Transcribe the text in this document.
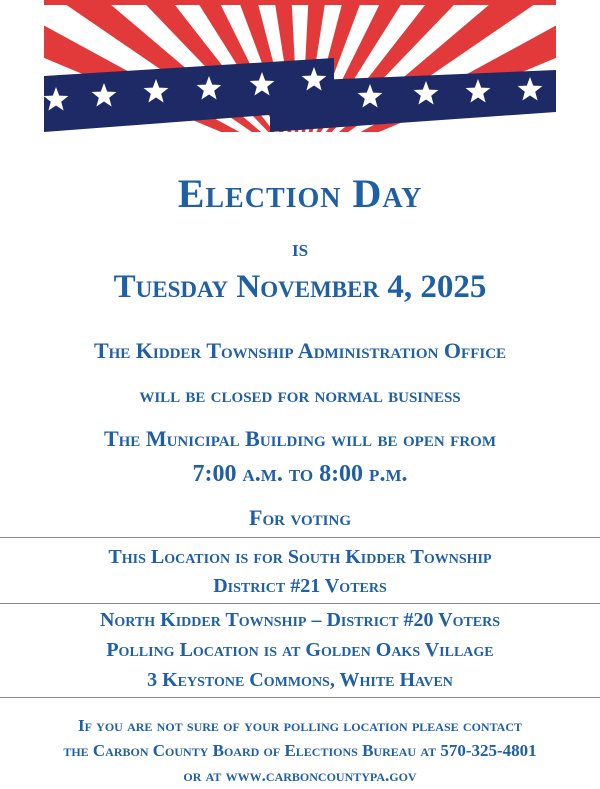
Election Day
is
Tuesday November 4, 2025
The Kidder Township Administration Office
will be closed for normal business
The Municipal Building will be open from
7:00 a.m. to 8:00 p.m.
For voting
This Location is for South Kidder Township
District #21 Voters
North Kidder Township – District #20 Voters
Polling Location is at Golden Oaks Village
3 Keystone Commons, White Haven
If you are not sure of your polling location please contact
the Carbon County Board of Elections Bureau at 570-325-4801
or at www.carboncountypa.gov
